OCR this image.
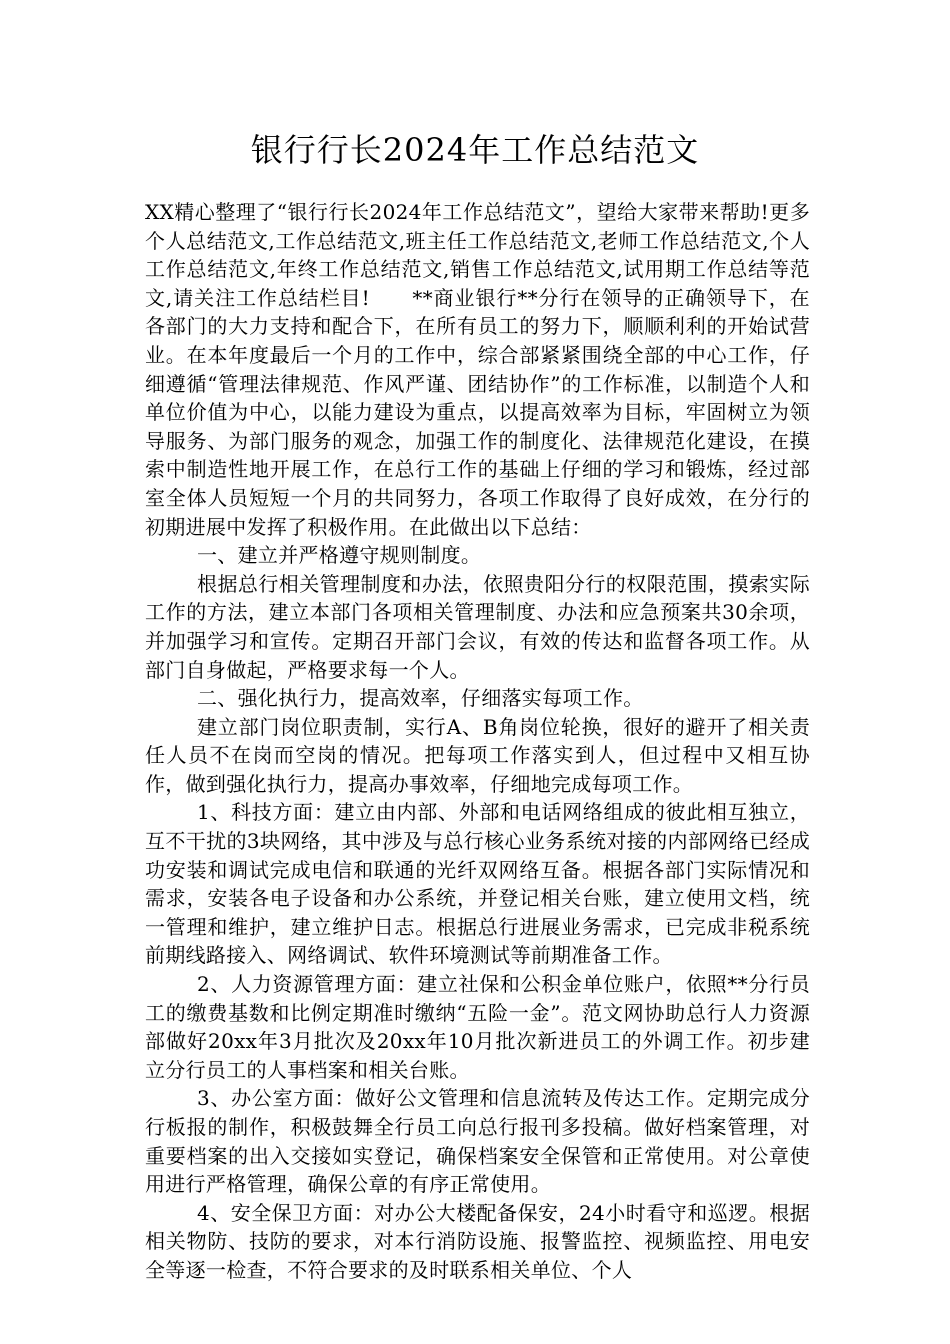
银行行长2024年工作总结范文

XX精心整理了“银行行长2024年工作总结范文”，望给大家带来帮助!更多个人总结范文,工作总结范文,班主任工作总结范文,老师工作总结范文,个人工作总结范文,年终工作总结范文,销售工作总结范文,试用期工作总结等范文,请关注工作总结栏目!　　**商业银行**分行在领导的正确领导下，在各部门的大力支持和配合下，在所有员工的努力下，顺顺利利的开始试营业。在本年度最后一个月的工作中，综合部紧紧围绕全部的中心工作，仔细遵循“管理法律规范、作风严谨、团结协作”的工作标准，以制造个人和单位价值为中心，以能力建设为重点，以提高效率为目标，牢固树立为领导服务、为部门服务的观念，加强工作的制度化、法律规范化建设，在摸索中制造性地开展工作，在总行工作的基础上仔细的学习和锻炼，经过部室全体人员短短一个月的共同努力，各项工作取得了良好成效，在分行的初期进展中发挥了积极作用。在此做出以下总结：

一、建立并严格遵守规则制度。

根据总行相关管理制度和办法，依照贵阳分行的权限范围，摸索实际工作的方法，建立本部门各项相关管理制度、办法和应急预案共30余项，并加强学习和宣传。定期召开部门会议，有效的传达和监督各项工作。从部门自身做起，严格要求每一个人。

二、强化执行力，提高效率，仔细落实每项工作。

建立部门岗位职责制，实行A、B角岗位轮换，很好的避开了相关责任人员不在岗而空岗的情况。把每项工作落实到人，但过程中又相互协作，做到强化执行力，提高办事效率，仔细地完成每项工作。

1、科技方面：建立由内部、外部和电话网络组成的彼此相互独立，互不干扰的3块网络，其中涉及与总行核心业务系统对接的内部网络已经成功安装和调试完成电信和联通的光纤双网络互备。根据各部门实际情况和需求，安装各电子设备和办公系统，并登记相关台账，建立使用文档，统一管理和维护，建立维护日志。根据总行进展业务需求，已完成非税系统前期线路接入、网络调试、软件环境测试等前期准备工作。

2、人力资源管理方面：建立社保和公积金单位账户，依照**分行员工的缴费基数和比例定期准时缴纳“五险一金”。范文网协助总行人力资源部做好20xx年3月批次及20xx年10月批次新进员工的外调工作。初步建立分行员工的人事档案和相关台账。

3、办公室方面：做好公文管理和信息流转及传达工作。定期完成分行板报的制作，积极鼓舞全行员工向总行报刊多投稿。做好档案管理，对重要档案的出入交接如实登记，确保档案安全保管和正常使用。对公章使用进行严格管理，确保公章的有序正常使用。

4、安全保卫方面：对办公大楼配备保安，24小时看守和巡逻。根据相关物防、技防的要求，对本行消防设施、报警监控、视频监控、用电安全等逐一检查，不符合要求的及时联系相关单位、个人
